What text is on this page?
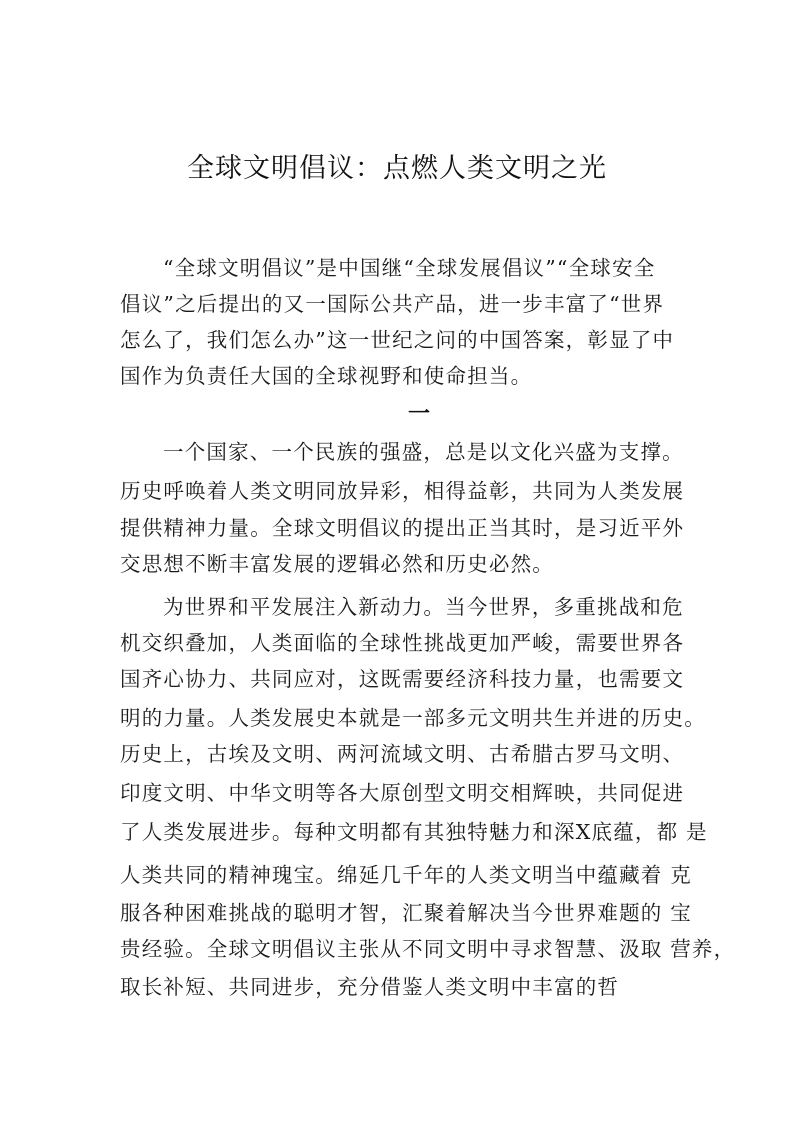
全球文明倡议：点燃人类文明之光
“全球文明倡议”是中国继“全球发展倡议”“全球安全
倡议”之后提出的又一国际公共产品，进一步丰富了“世界
怎么了，我们怎么办”这一世纪之问的中国答案，彰显了中
国作为负责任大国的全球视野和使命担当。
一
一个国家、一个民族的强盛，总是以文化兴盛为支撑。
历史呼唤着人类文明同放异彩，相得益彰，共同为人类发展
提供精神力量。全球文明倡议的提出正当其时，是习近平外
交思想不断丰富发展的逻辑必然和历史必然。
为世界和平发展注入新动力。当今世界，多重挑战和危
机交织叠加，人类面临的全球性挑战更加严峻，需要世界各
国齐心协力、共同应对，这既需要经济科技力量，也需要文
明的力量。人类发展史本就是一部多元文明共生并进的历史。
历史上，古埃及文明、两河流域文明、古希腊古罗马文明、
印度文明、中华文明等各大原创型文明交相辉映，共同促进
了人类发展进步。每种文明都有其独特魅力和深X底蕴，都 是
人类共同的精神瑰宝。绵延几千年的人类文明当中蕴藏着 克
服各种困难挑战的聪明才智，汇聚着解决当今世界难题的 宝
贵经验。全球文明倡议主张从不同文明中寻求智慧、汲取 营养，
取长补短、共同进步，充分借鉴人类文明中丰富的哲
